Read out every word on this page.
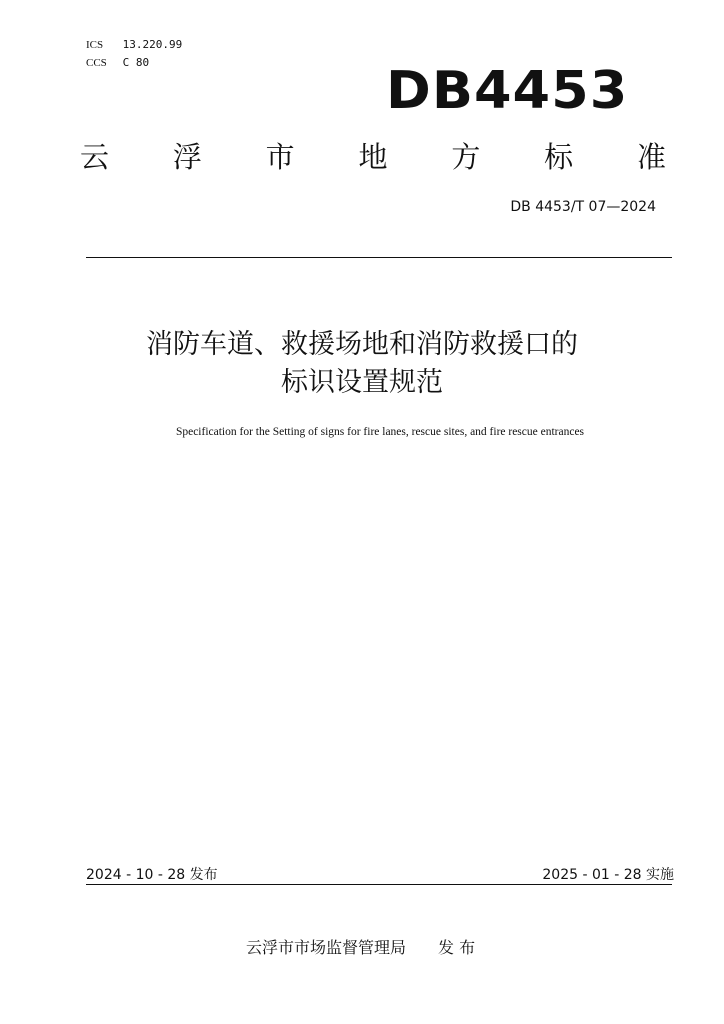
ICS 13.220.99
CCS C 80	DB4453
云 浮 市 地 方 标 准
DB 4453/T 07—2024
消防车道、救援场地和消防救援口的
标识设置规范
Specification for the Setting of signs for fire lanes, rescue sites, and fire rescue entrances
2024 - 10 - 28 发布	2025 - 01 - 28 实施
云浮市市场监督管理局 发 布
